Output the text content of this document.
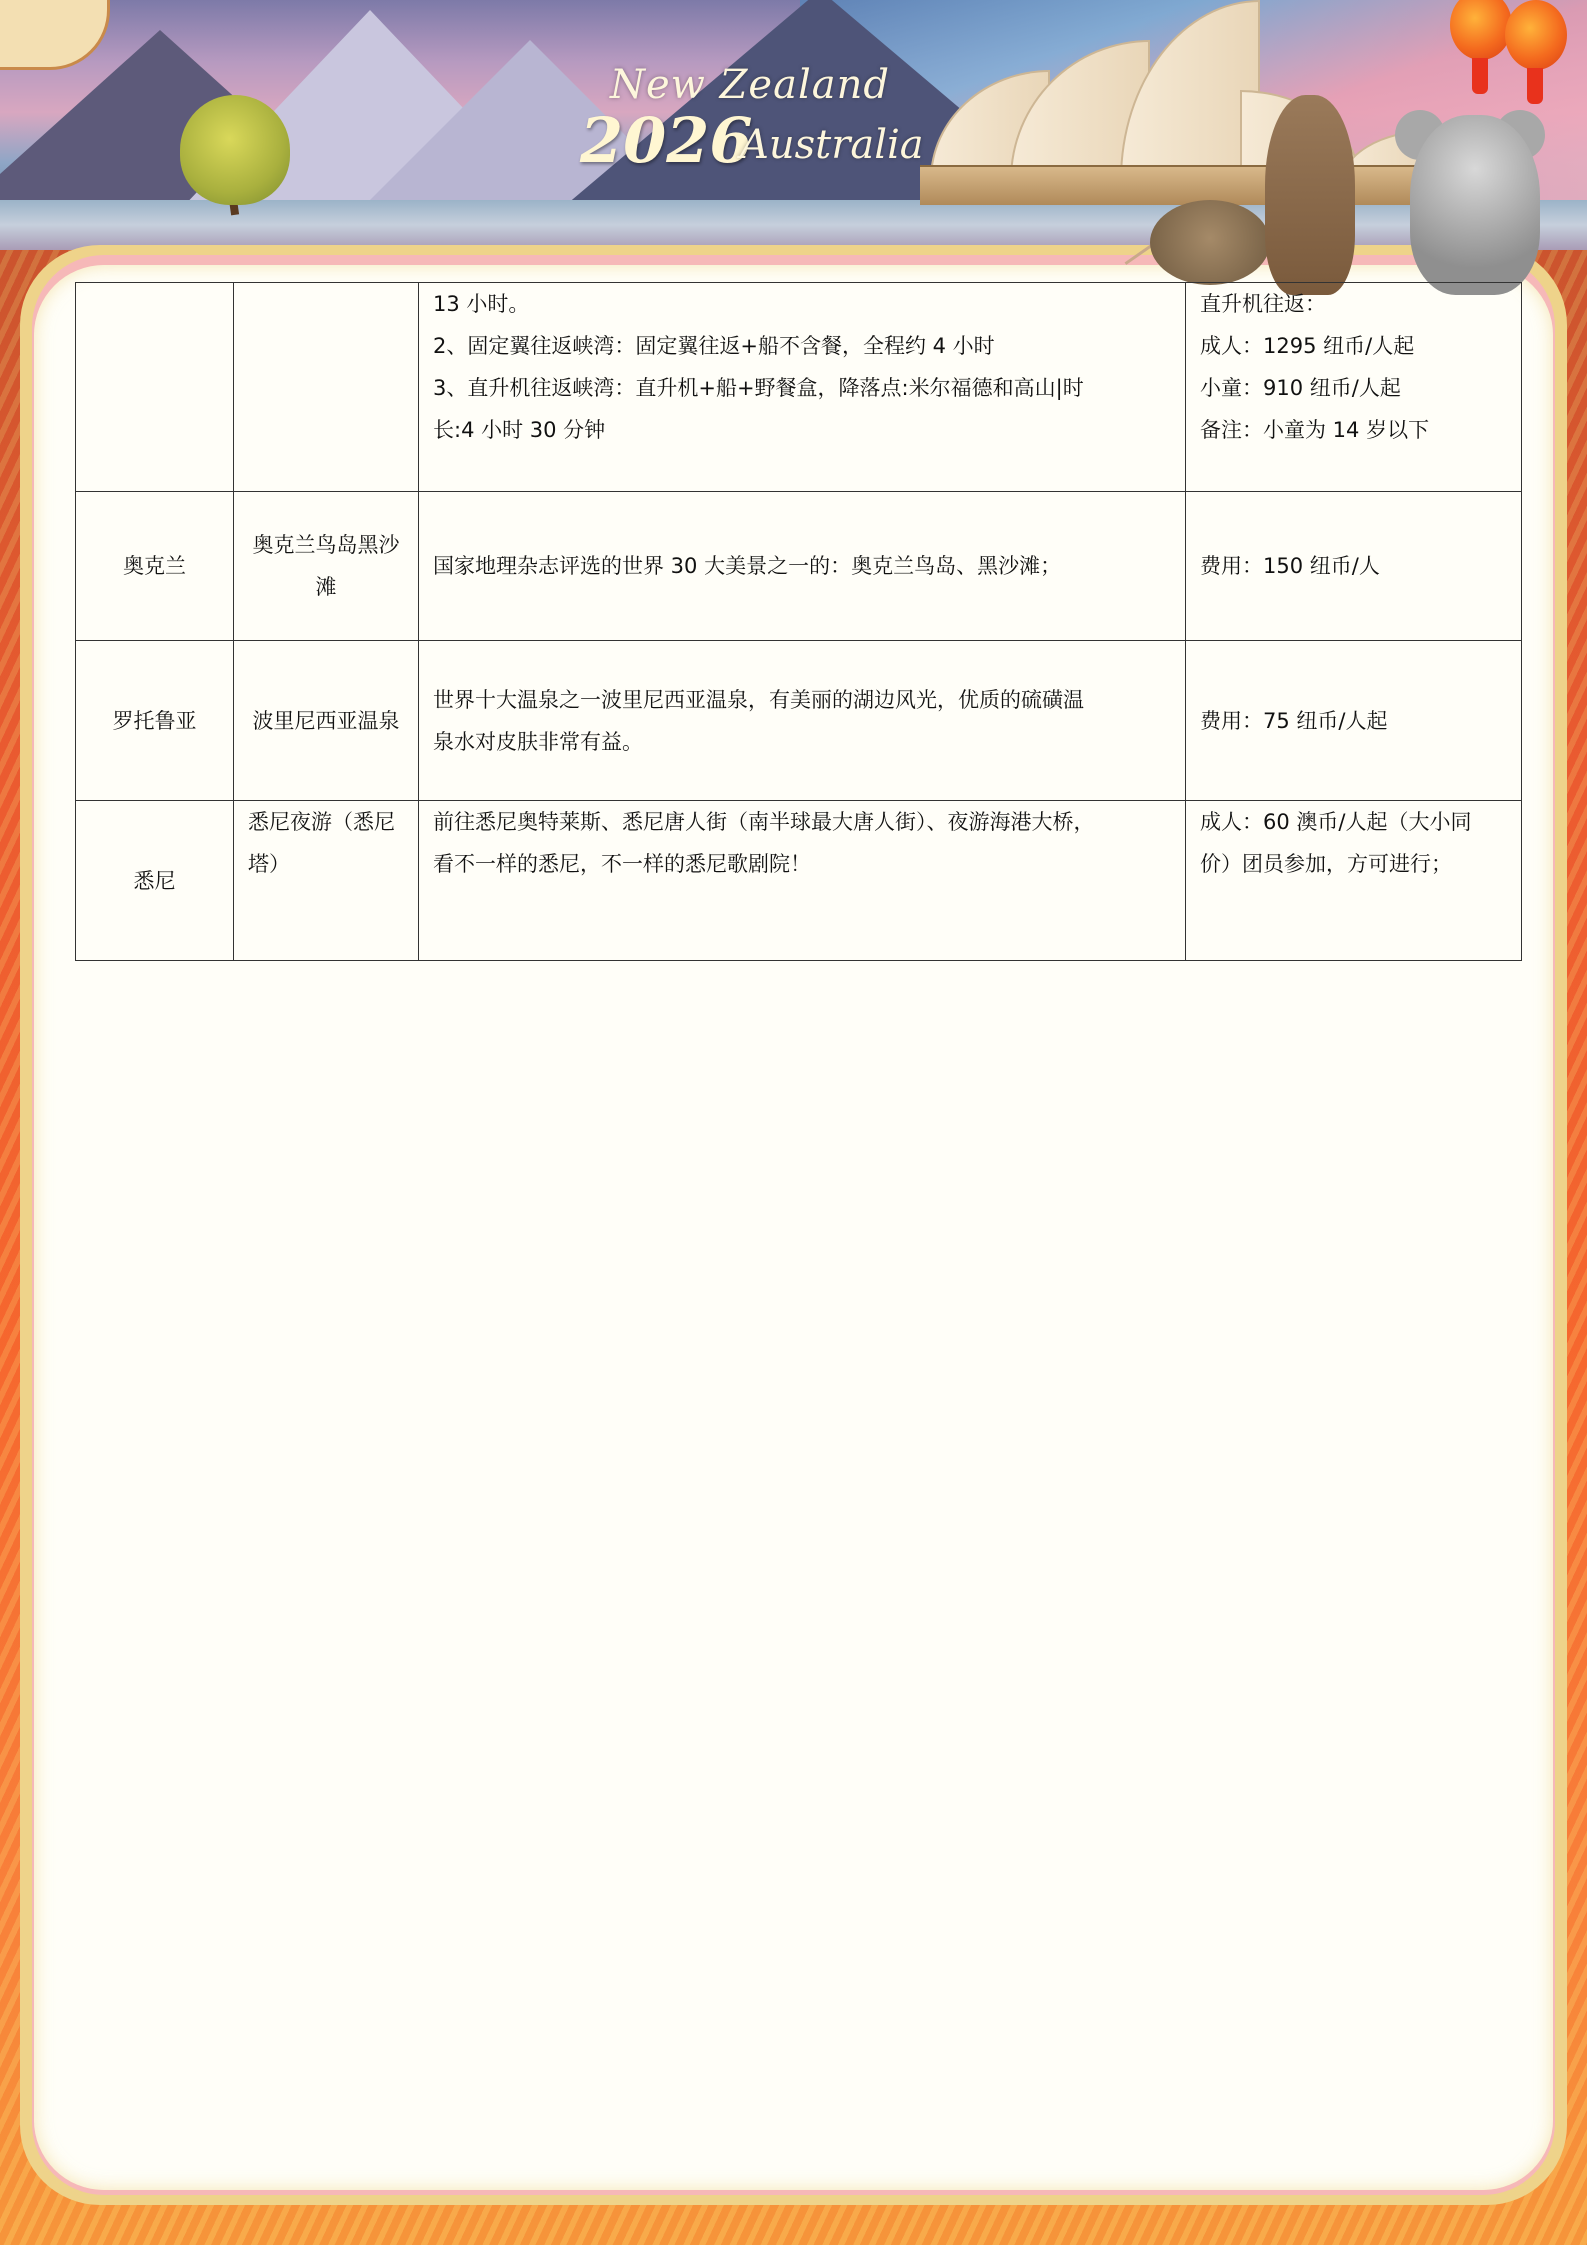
New Zealand
2026
Australia

		13 小时。
2、固定翼往返峡湾：固定翼往返+船不含餐，全程约 4 小时
3、直升机往返峡湾：直升机+船+野餐盒，降落点:米尔福德和高山|时
长:4 小时 30 分钟	直升机往返：
成人：1295 纽币/人起
小童：910 纽币/人起
备注：小童为 14 岁以下

奥克兰	奥克兰鸟岛黑沙滩	国家地理杂志评选的世界 30 大美景之一的：奥克兰鸟岛、黑沙滩；	费用：150 纽币/人

罗托鲁亚	波里尼西亚温泉	世界十大温泉之一波里尼西亚温泉，有美丽的湖边风光，优质的硫磺温
泉水对皮肤非常有益。	费用：75 纽币/人起

悉尼	悉尼夜游（悉尼塔）	前往悉尼奥特莱斯、悉尼唐人街（南半球最大唐人街）、夜游海港大桥，
看不一样的悉尼，不一样的悉尼歌剧院！	成人：60 澳币/人起（大小同
价）团员参加，方可进行；
